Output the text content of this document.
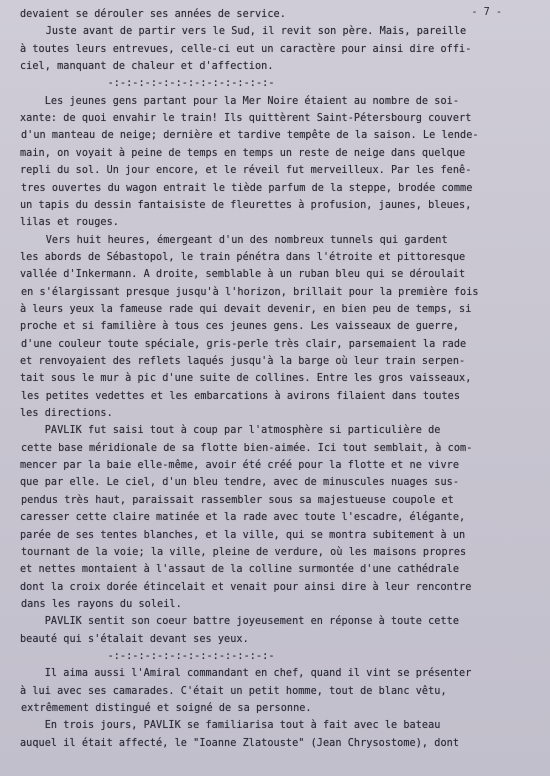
- 7 -
devaient se dérouler ses années de service.
Juste avant de partir vers le Sud, il revit son père. Mais, pareille
à toutes leurs entrevues, celle-ci eut un caractère pour ainsi dire offi-
ciel, manquant de chaleur et d'affection.
-:-:-:-:-:-:-:-:-:-:-:-:-:-
Les jeunes gens partant pour la Mer Noire étaient au nombre de soi-
xante: de quoi envahir le train! Ils quittèrent Saint-Pétersbourg couvert
d'un manteau de neige; dernière et tardive tempête de la saison. Le lende-
main, on voyait à peine de temps en temps un reste de neige dans quelque
repli du sol. Un jour encore, et le réveil fut merveilleux. Par les fenê-
tres ouvertes du wagon entrait le tiède parfum de la steppe, brodée comme
un tapis du dessin fantaisiste de fleurettes à profusion, jaunes, bleues,
lilas et rouges.
Vers huit heures, émergeant d'un des nombreux tunnels qui gardent
les abords de Sébastopol, le train pénétra dans l'étroite et pittoresque
vallée d'Inkermann. A droite, semblable à un ruban bleu qui se déroulait
en s'élargissant presque jusqu'à l'horizon, brillait pour la première fois
à leurs yeux la fameuse rade qui devait devenir, en bien peu de temps, si
proche et si familière à tous ces jeunes gens. Les vaisseaux de guerre,
d'une couleur toute spéciale, gris-perle très clair, parsemaient la rade
et renvoyaient des reflets laqués jusqu'à la barge où leur train serpen-
tait sous le mur à pic d'une suite de collines. Entre les gros vaisseaux,
les petites vedettes et les embarcations à avirons filaient dans toutes
les directions.
PAVLIK fut saisi tout à coup par l'atmosphère si particulière de
cette base méridionale de sa flotte bien-aimée. Ici tout semblait, à com-
mencer par la baie elle-même, avoir été créé pour la flotte et ne vivre
que par elle. Le ciel, d'un bleu tendre, avec de minuscules nuages sus-
pendus très haut, paraissait rassembler sous sa majestueuse coupole et
caresser cette claire matinée et la rade avec toute l'escadre, élégante,
parée de ses tentes blanches, et la ville, qui se montra subitement à un
tournant de la voie; la ville, pleine de verdure, où les maisons propres
et nettes montaient à l'assaut de la colline surmontée d'une cathédrale
dont la croix dorée étincelait et venait pour ainsi dire à leur rencontre
dans les rayons du soleil.
PAVLIK sentit son coeur battre joyeusement en réponse à toute cette
beauté qui s'étalait devant ses yeux.
-:-:-:-:-:-:-:-:-:-:-:-:-:-
Il aima aussi l'Amiral commandant en chef, quand il vint se présenter
à lui avec ses camarades. C'était un petit homme, tout de blanc vêtu,
extrêmement distingué et soigné de sa personne.
En trois jours, PAVLIK se familiarisa tout à fait avec le bateau
auquel il était affecté, le "Ioanne Zlatouste" (Jean Chrysostome), dont
